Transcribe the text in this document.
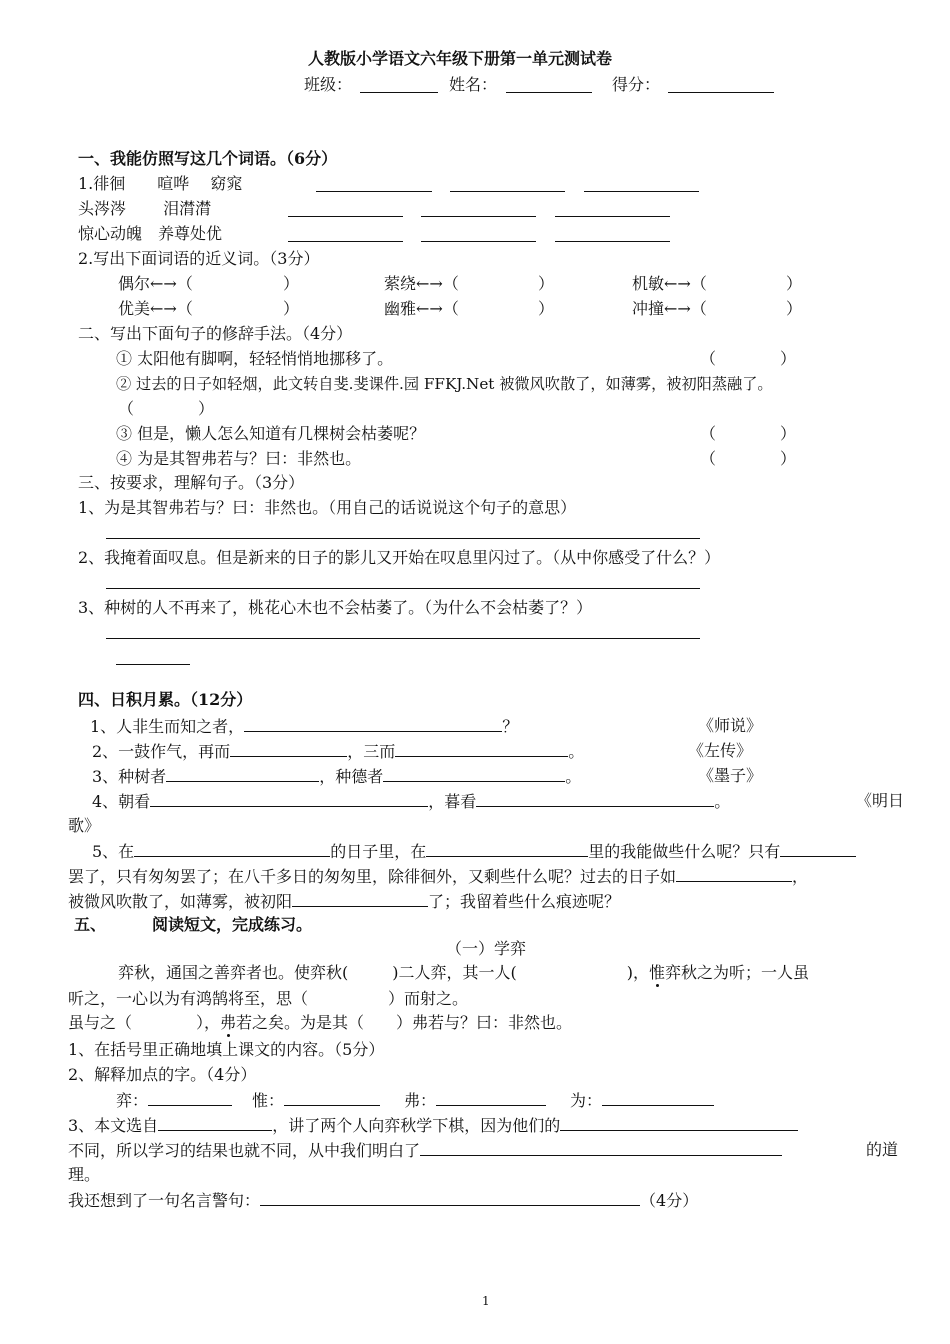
人教版小学语文六年级下册第一单元测试卷
班级：	姓名：	得分：
一、我能仿照写这几个词语。（6分）
1.徘徊　　喧哗　 窈窕
头涔涔　　 泪潸潸
惊心动魄　养尊处优
2.写出下面词语的近义词。（3分）
偶尔←→（	）	萦绕←→（	）	机敏←→（	）
优美←→（	）	幽雅←→（	）	冲撞←→（	）
二、写出下面句子的修辞手法。（4分）
① 太阳他有脚啊，轻轻悄悄地挪移了。	（　　　　）
② 过去的日子如轻烟，此文转自斐.斐课件.园 FFKJ.Net 被微风吹散了，如薄雾，被初阳蒸融了。
（　　　　）
③ 但是，懒人怎么知道有几棵树会枯萎呢？	（　　　　）
④ 为是其智弗若与？曰：非然也。	（　　　　）
三、按要求，理解句子。（3分）
1、为是其智弗若与？曰：非然也。（用自己的话说说这个句子的意思）
2、我掩着面叹息。但是新来的日子的影儿又开始在叹息里闪过了。（从中你感受了什么？）
3、种树的人不再来了，桃花心木也不会枯萎了。（为什么不会枯萎了？）
四、日积月累。（12分）
1、人非生而知之者，	？	《师说》
2、一鼓作气，再而	，三而	。	《左传》
3、种树者	，种德者	。	《墨子》
4、朝看	，暮看	。	《明日
歌》
5、在	的日子里，在	里的我能做些什么呢？只有
罢了，只有匆匆罢了；在八千多日的匆匆里，除徘徊外，又剩些什么呢？过去的日子如	，
被微风吹散了，如薄雾，被初阳	了；我留着些什么痕迹呢？
五、	阅读短文，完成练习。
（一）学弈
弈秋，通国之善弈者也。使弈秋(	)二人弈，其一人(	)，惟弈秋之为听；一人虽
听之，一心以为有鸿鹄将至，思（　　　　　）而射之。
虽与之（　　　　），弗若之矣。为是其（　　）弗若与？曰：非然也。
1、在括号里正确地填上课文的内容。（5分）
2、解释加点的字。（4分）
弈：	惟：	弗：	为：
3、本文选自	，讲了两个人向弈秋学下棋，因为他们的
不同，所以学习的结果也就不同，从中我们明白了	的道
理。
我还想到了一句名言警句：	（4分）
1
